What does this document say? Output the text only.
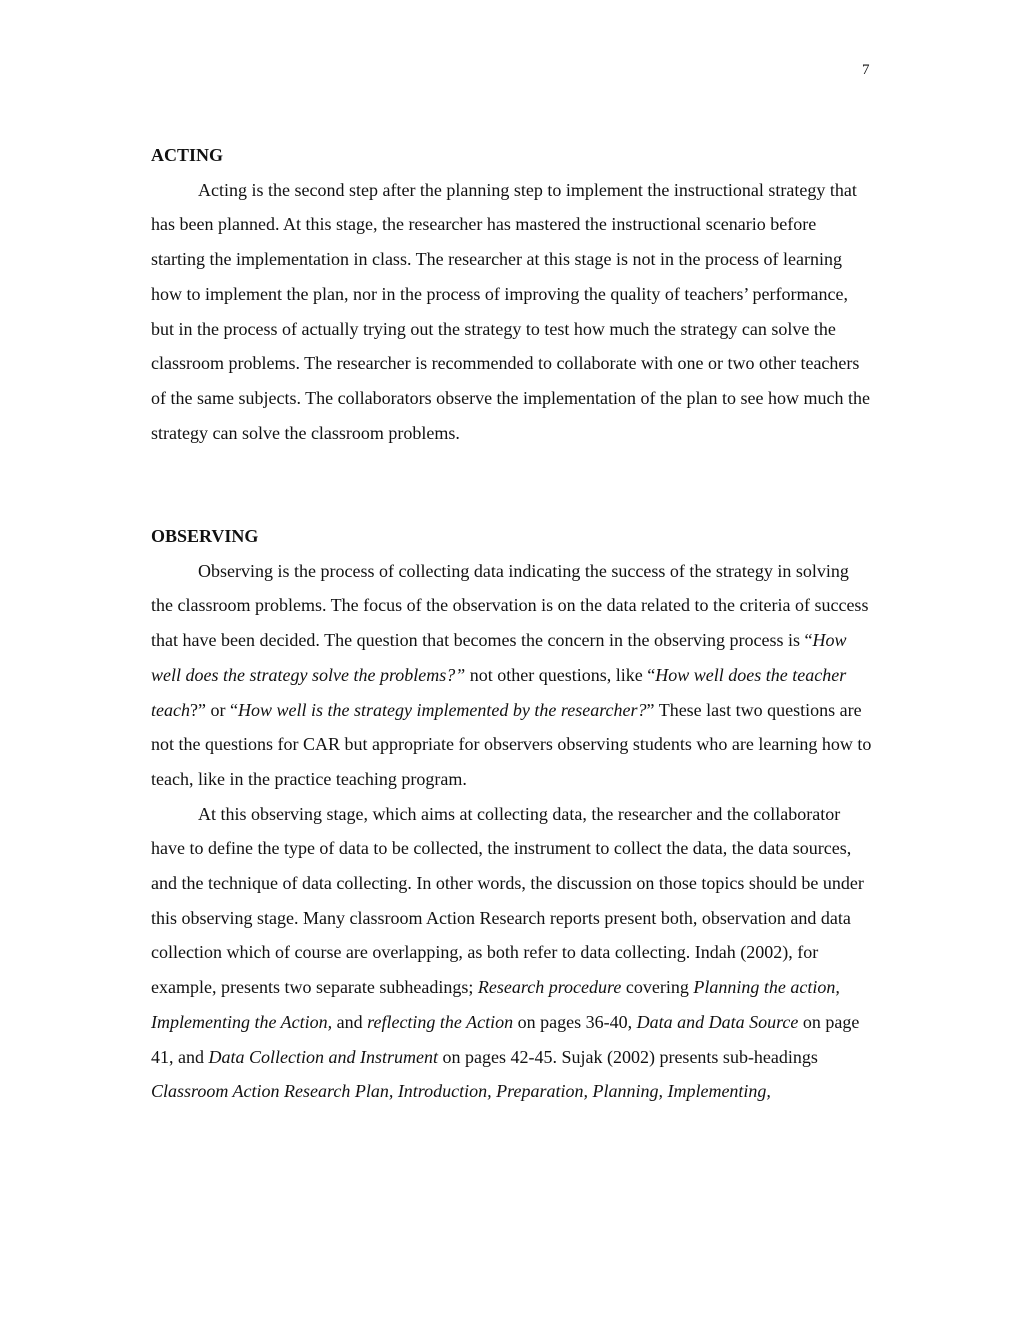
7

ACTING

Acting is the second step after the planning step to implement the instructional strategy that has been planned. At this stage, the researcher has mastered the instructional scenario before starting the implementation in class. The researcher at this stage is not in the process of learning how to implement the plan, nor in the process of improving the quality of teachers’ performance, but in the process of actually trying out the strategy to test how much the strategy can solve the classroom problems. The researcher is recommended to collaborate with one or two other teachers of the same subjects. The collaborators observe the implementation of the plan to see how much the strategy can solve the classroom problems.

OBSERVING

Observing is the process of collecting data indicating the success of the strategy in solving the classroom problems. The focus of the observation is on the data related to the criteria of success that have been decided. The question that becomes the concern in the observing process is “How well does the strategy solve the problems?” not other questions, like “How well does the teacher teach?” or “How well is the strategy implemented by the researcher?” These last two questions are not the questions for CAR but appropriate for observers observing students who are learning how to teach, like in the practice teaching program.

At this observing stage, which aims at collecting data, the researcher and the collaborator have to define the type of data to be collected, the instrument to collect the data, the data sources, and the technique of data collecting. In other words, the discussion on those topics should be under this observing stage. Many classroom Action Research reports present both, observation and data collection which of course are overlapping, as both refer to data collecting. Indah (2002), for example, presents two separate subheadings; Research procedure covering Planning the action, Implementing the Action, and reflecting the Action on pages 36-40, Data and Data Source on page 41, and Data Collection and Instrument on pages 42-45. Sujak (2002) presents sub-headings Classroom Action Research Plan, Introduction, Preparation, Planning, Implementing,
